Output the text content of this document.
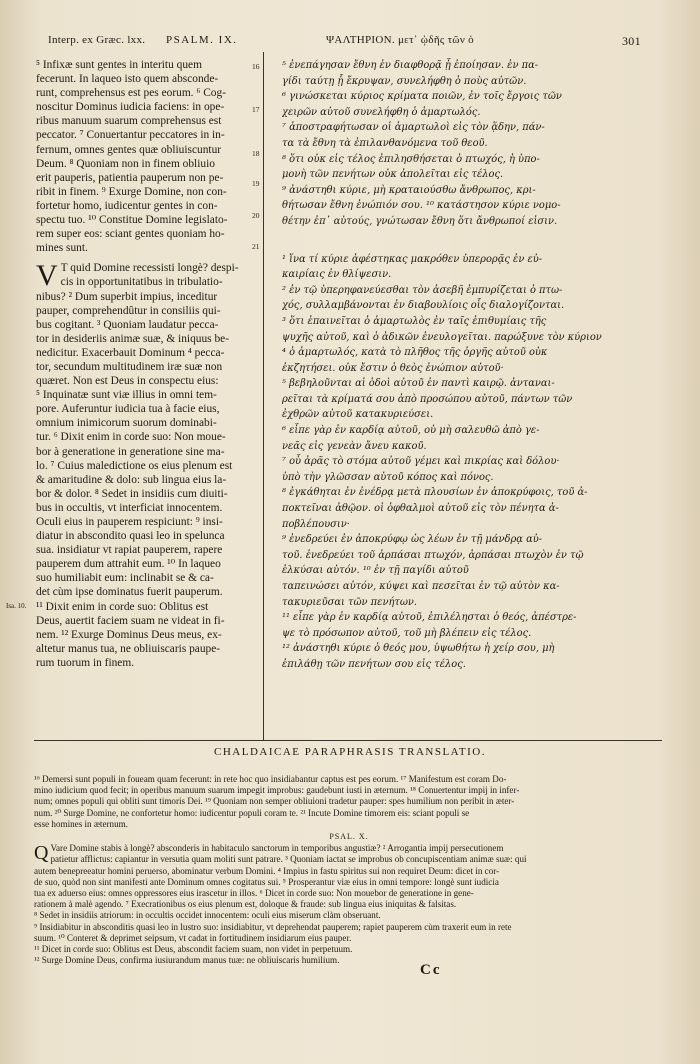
Interp. ex Græc. lxx. PSALM. IX.	ΨΑΛΤΗΡΙΟΝ. μετ᾽ ᾠδῆς τῶν ὁ	301
Isa. 10.
⁵ Infixæ sunt gentes in interitu quem
fecerunt. In laqueo isto quem absconde-
runt, comprehensus est pes eorum. ⁶ Cog-
noscitur Dominus iudicia faciens: in ope-
ribus manuum suarum comprehensus est
peccator. ⁷ Conuertantur peccatores in in-
fernum, omnes gentes quæ obliuiscuntur
Deum. ⁸ Quoniam non in finem obliuio
erit pauperis, patientia pauperum non pe-
ribit in finem. ⁹ Exurge Domine, non con-
fortetur homo, iudicentur gentes in con-
spectu tuo. ¹⁰ Constitue Domine legislato-
rem super eos: sciant gentes quoniam ho-
mines sunt.
V T quid Domine recessisti longè? despi-
cis in opportunitatibus in tribulatio-
nibus? ² Dum superbit impius, inceditur
pauper, comprehendûtur in consiliis qui-
bus cogitant. ³ Quoniam laudatur pecca-
tor in desideriis animæ suæ, & iniquus be-
nedicitur. Exacerbauit Dominum ⁴ pecca-
tor, secundum multitudinem iræ suæ non
quæret. Non est Deus in conspectu eius:
⁵ Inquinatæ sunt viæ illius in omni tem-
pore. Auferuntur iudicia tua à facie eius,
omnium inimicorum suorum dominabi-
tur. ⁶ Dixit enim in corde suo: Non moue-
bor à generatione in generatione sine ma-
lo. ⁷ Cuius maledictione os eius plenum est
& amaritudine & dolo: sub lingua eius la-
bor & dolor. ⁸ Sedet in insidiis cum diuiti-
bus in occultis, vt interficiat innocentem.
Oculi eius in pauperem respiciunt: ⁹ insi-
diatur in abscondito quasi leo in spelunca
sua. insidiatur vt rapiat pauperem, rapere
pauperem dum attrahit eum. ¹⁰ In laqueo
suo humiliabit eum: inclinabit se & ca-
det cùm ipse dominatus fuerit pauperum.
¹¹ Dixit enim in corde suo: Oblitus est
Deus, auertit faciem suam ne videat in fi-
nem. ¹² Exurge Dominus Deus meus, ex-
altetur manus tua, ne obliuiscaris paupe-
rum tuorum in finem.
16
17
18
19
20
21
⁵ ἐνεπάγησαν ἔθνη ἐν διαφθορᾷ ᾗ ἐποίησαν. ἐν πα-
γίδι ταύτῃ ᾗ ἔκρυψαν, συνελήφθη ὁ ποὺς αὐτῶν.
⁶ γινώσκεται κύριος κρίματα ποιῶν, ἐν τοῖς ἔργοις τῶν
χειρῶν αὐτοῦ συνελήφθη ὁ ἁμαρτωλός.
⁷ ἀποστραφήτωσαν οἱ ἁμαρτωλοὶ εἰς τὸν ᾅδην, πάν-
τα τὰ ἔθνη τὰ ἐπιλανθανόμενα τοῦ θεοῦ.
⁸ ὅτι οὐκ εἰς τέλος ἐπιλησθήσεται ὁ πτωχός, ἡ ὑπο-
μονὴ τῶν πενήτων οὐκ ἀπολεῖται εἰς τέλος.
⁹ ἀνάστηθι κύριε, μὴ κραταιούσθω ἄνθρωπος, κρι-
θήτωσαν ἔθνη ἐνώπιόν σου. ¹⁰ κατάστησον κύριε νομο-
θέτην ἐπ᾽ αὐτούς, γνώτωσαν ἔθνη ὅτι ἄνθρωποί εἰσιν.
¹ ἵνα τί κύριε ἀφέστηκας μακρόθεν ὑπερορᾷς ἐν εὐ-
καιρίαις ἐν θλίψεσιν.
² ἐν τῷ ὑπερηφανεύεσθαι τὸν ἀσεβῆ ἐμπυρίζεται ὁ πτω-
χός, συλλαμβάνονται ἐν διαβουλίοις οἷς διαλογίζονται.
³ ὅτι ἐπαινεῖται ὁ ἁμαρτωλὸς ἐν ταῖς ἐπιθυμίαις τῆς
ψυχῆς αὐτοῦ, καὶ ὁ ἀδικῶν ἐνευλογεῖται. παρώξυνε τὸν κύριον
⁴ ὁ ἁμαρτωλός, κατὰ τὸ πλῆθος τῆς ὀργῆς αὐτοῦ οὐκ
ἐκζητήσει. οὐκ ἔστιν ὁ θεὸς ἐνώπιον αὐτοῦ·
⁵ βεβηλοῦνται αἱ ὁδοὶ αὐτοῦ ἐν παντὶ καιρῷ. ἀνταναι-
ρεῖται τὰ κρίματά σου ἀπὸ προσώπου αὐτοῦ, πάντων τῶν
ἐχθρῶν αὐτοῦ κατακυριεύσει.
⁶ εἶπε γὰρ ἐν καρδίᾳ αὐτοῦ, οὐ μὴ σαλευθῶ ἀπὸ γε-
νεᾶς εἰς γενεὰν ἄνευ κακοῦ.
⁷ οὗ ἀρᾶς τὸ στόμα αὐτοῦ γέμει καὶ πικρίας καὶ δόλου·
ὑπὸ τὴν γλῶσσαν αὐτοῦ κόπος καὶ πόνος.
⁸ ἐγκάθηται ἐν ἐνέδρᾳ μετὰ πλουσίων ἐν ἀποκρύφοις, τοῦ ἀ-
ποκτεῖναι ἀθῷον. οἱ ὀφθαλμοὶ αὐτοῦ εἰς τὸν πένητα ἀ-
ποβλέπουσιν·
⁹ ἐνεδρεύει ἐν ἀποκρύφῳ ὡς λέων ἐν τῇ μάνδρᾳ αὐ-
τοῦ. ἐνεδρεύει τοῦ ἁρπάσαι πτωχόν, ἁρπάσαι πτωχὸν ἐν τῷ
ἑλκύσαι αὐτόν. ¹⁰ ἐν τῇ παγίδι αὐτοῦ
ταπεινώσει αὐτόν, κύψει καὶ πεσεῖται ἐν τῷ αὐτὸν κα-
τακυριεῦσαι τῶν πενήτων.
¹¹ εἶπε γὰρ ἐν καρδίᾳ αὐτοῦ, ἐπιλέλησται ὁ θεός, ἀπέστρε-
ψε τὸ πρόσωπον αὐτοῦ, τοῦ μὴ βλέπειν εἰς τέλος.
¹² ἀνάστηθι κύριε ὁ θεός μου, ὑψωθήτω ἡ χείρ σου, μὴ
ἐπιλάθῃ τῶν πενήτων σου εἰς τέλος.
CHALDAICAE PARAPHRASIS TRANSLATIO.
¹⁶ Demersi sunt populi in foueam quam fecerunt: in rete hoc quo insidiabantur captus est pes eorum. ¹⁷ Manifestum est coram Do-
mino iudicium quod fecit; in operibus manuum suarum impegit improbus: gaudebunt iusti in æternum. ¹⁸ Conuertentur impij in infer-
num; omnes populi qui obliti sunt timoris Dei. ¹⁹ Quoniam non semper obliuioni tradetur pauper: spes humilium non peribit in æter-
num. ²⁰ Surge Domine, ne confortetur homo: iudicentur populi coram te. ²¹ Incute Domine timorem eis: sciant populi se
esse homines in æternum.
PSAL. X.
Q Vare Domine stabis à longè? absconderis in habitaculo sanctorum in temporibus angustiæ? ² Arrogantia impij persecutionem
patietur afflictus: capiantur in versutia quam moliti sunt patrare. ³ Quoniam iactat se improbus ob concupiscentiam animæ suæ: qui
autem benepreeatur homini peruerso, abominatur verbum Domini. ⁴ Impius in fastu spiritus sui non requiret Deum: dicet in cor-
de suo, quòd non sint manifesti ante Dominum omnes cogitatus sui. ⁵ Prosperantur viæ eius in omni tempore: longè sunt iudicia
tua ex aduerso eius: omnes oppressores eius irascetur in illos. ⁶ Dicet in corde suo: Non mouebor de generatione in gene-
rationem à malè agendo. ⁷ Execrationibus os eius plenum est, doloque & fraude: sub lingua eius iniquitas & falsitas.
⁸ Sedet in insidiis atriorum: in occultis occidet innocentem: oculi eius miserum clàm obseruant.
⁹ Insidiabitur in absconditis quasi leo in lustro suo: insidiabitur, vt deprehendat pauperem; rapiet pauperem cùm traxerit eum in rete
suum. ¹⁰ Conteret & deprimet seipsum, vt cadat in fortitudinem insidiarum eius pauper.
¹¹ Dicet in corde suo: Oblitus est Deus, abscondit faciem suam, non videt in perpetuum.
¹² Surge Domine Deus, confirma iusiurandum manus tuæ: ne obliuiscaris humilium.
Cc
